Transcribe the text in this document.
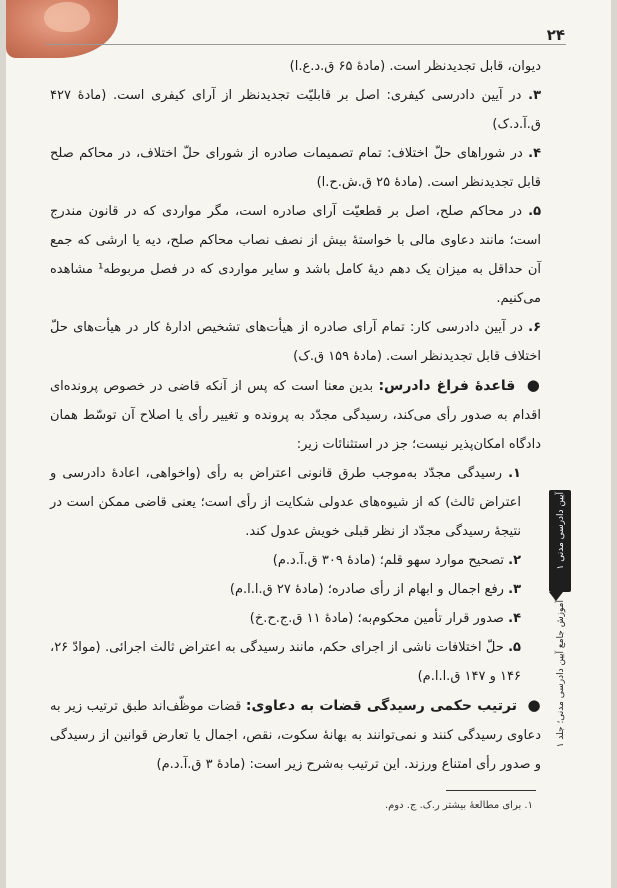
۲۴

دیوان، قابل تجدیدنظر است. (مادهٔ ۶۵ ق.د.ع.ا)

۳. در آیین دادرسی کیفری: اصل بر قابلیّت تجدیدنظر از آرای کیفری است. (مادهٔ ۴۲۷ ق.آ.د.ک)

۴. در شوراهای حلّ اختلاف: تمام تصمیمات صادره از شورای حلّ اختلاف، در محاکم صلح قابل تجدیدنظر است. (مادهٔ ۲۵ ق.ش.ح.ا)

۵. در محاکم صلح، اصل بر قطعیّت آرای صادره است، مگر مواردی که در قانون مندرج است؛ مانند دعاوی مالی با خواستهٔ بیش از نصف نصاب محاکم صلح، دیه یا ارشی که جمع آن حداقل به میزان یک دهم دیهٔ کامل باشد و سایر مواردی که در فصل مربوطه¹ مشاهده می‌کنیم.

۶. در آیین دادرسی کار: تمام آرای صادره از هیأت‌های تشخیص ادارهٔ کار در هیأت‌های حلّ اختلاف قابل تجدیدنظر است. (مادهٔ ۱۵۹ ق.ک)

● قاعدهٔ فراغ دادرس: بدین معنا است که پس از آنکه قاضی در خصوص پرونده‌ای اقدام به صدور رأی می‌کند، رسیدگی مجدّد به پرونده و تغییر رأی یا اصلاح آن توسّط همان دادگاه امکان‌پذیر نیست؛ جز در استثنائات زیر:

۱. رسیدگی مجدّد به‌موجب طرق قانونی اعتراض به رأی (واخواهی، اعادهٔ دادرسی و اعتراض ثالث) که از شیوه‌های عدولی شکایت از رأی است؛ یعنی قاضی ممکن است در نتیجهٔ رسیدگی مجدّد از نظر قبلی خویش عدول کند.

۲. تصحیح موارد سهو قلم؛ (مادهٔ ۳۰۹ ق.آ.د.م)

۳. رفع اجمال و ابهام از رأی صادره؛ (مادهٔ ۲۷ ق.ا.ا.م)

۴. صدور قرار تأمین محکوم‌به؛ (مادهٔ ۱۱ ق.ج.ح.خ)

۵. حلّ اختلافات ناشی از اجرای حکم، مانند رسیدگی به اعتراض ثالث اجرائی. (موادّ ۲۶، ۱۴۶ و ۱۴۷ ق.ا.ا.م)

● ترتیب حکمی رسیدگی قضات به دعاوی: قضات موظّف‌اند طبق ترتیب زیر به دعاوی رسیدگی کنند و نمی‌توانند به بهانهٔ سکوت، نقص، اجمال یا تعارض قوانین از رسیدگی و صدور رأی امتناع ورزند. این ترتیب به‌شرح زیر است: (مادهٔ ۳ ق.آ.د.م)

۱. برای مطالعهٔ بیشتر ر.ک. ج. دوم.
آیین دادرسی مدنی ۱
آموزش جامع آیین دادرسی مدنی؛ جلد ۱
